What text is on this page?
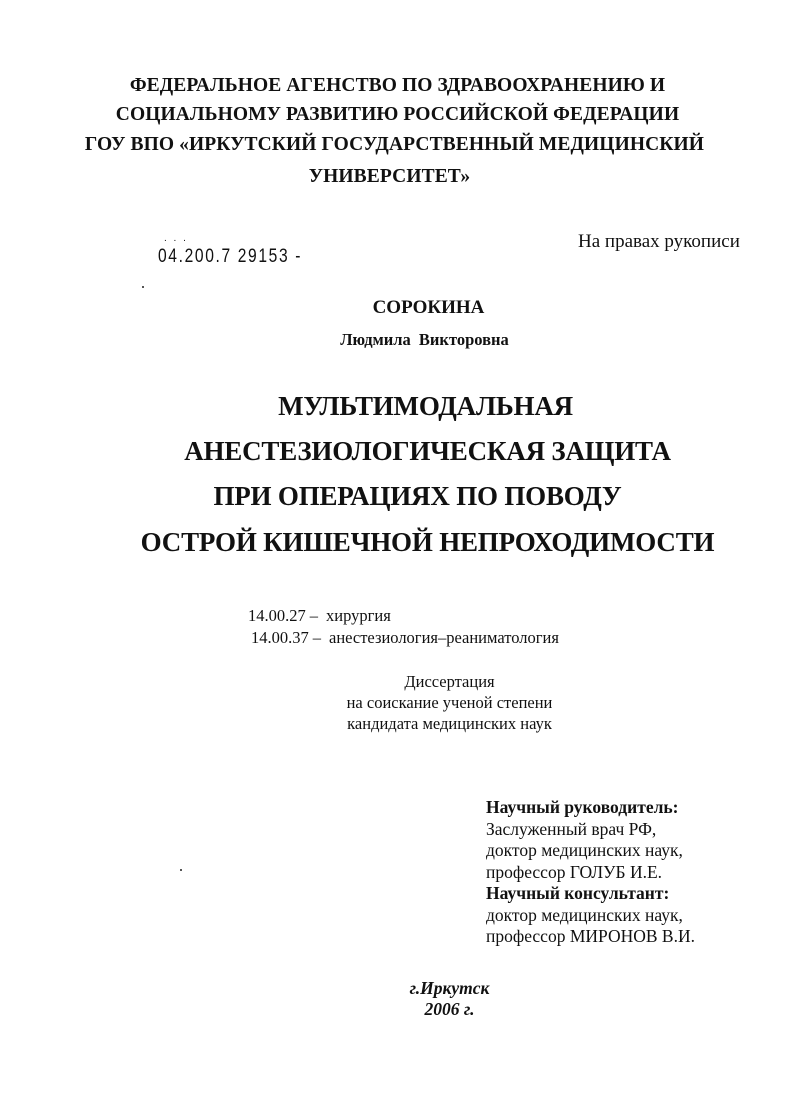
ФЕДЕРАЛЬНОЕ АГЕНСТВО ПО ЗДРАВООХРАНЕНИЮ И
СОЦИАЛЬНОМУ РАЗВИТИЮ РОССИЙСКОЙ ФЕДЕРАЦИИ
ГОУ ВПО «ИРКУТСКИЙ ГОСУДАРСТВЕННЫЙ МЕДИЦИНСКИЙ
УНИВЕРСИТЕТ»
. . .
04.200.7 29153 -
На правах рукописи
СОРОКИНА
Людмила Викторовна
МУЛЬТИМОДАЛЬНАЯ
АНЕСТЕЗИОЛОГИЧЕСКАЯ ЗАЩИТА
ПРИ ОПЕРАЦИЯХ ПО ПОВОДУ
ОСТРОЙ КИШЕЧНОЙ НЕПРОХОДИМОСТИ
14.00.27 – хирургия
14.00.37 – анестезиология–реаниматология
Диссертация
на соискание ученой степени
кандидата медицинских наук
Научный руководитель:
Заслуженный врач РФ,
доктор медицинских наук,
профессор ГОЛУБ И.Е.
Научный консультант:
доктор медицинских наук,
профессор МИРОНОВ В.И.
г.Иркутск
2006 г.
